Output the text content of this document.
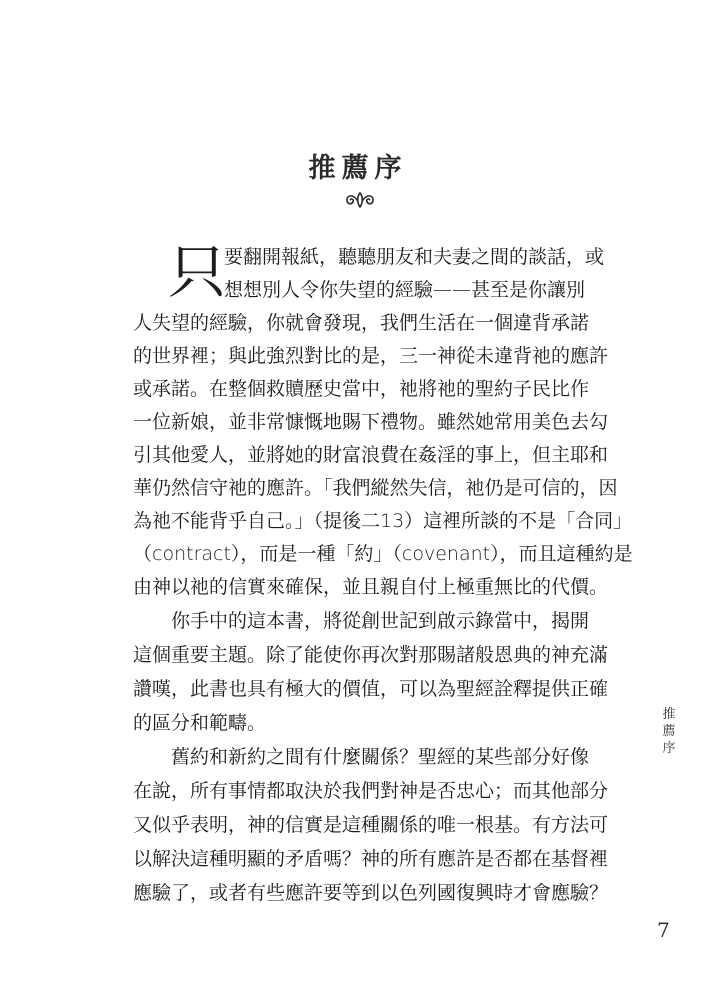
推薦序
只
要翻開報紙，聽聽朋友和夫妻之間的談話，或
想想別人令你失望的經驗——甚至是你讓別
人失望的經驗，你就會發現，我們生活在一個違背承諾
的世界裡；與此強烈對比的是，三一神從未違背祂的應許
或承諾。在整個救贖歷史當中，祂將祂的聖約子民比作
一位新娘，並非常慷慨地賜下禮物。雖然她常用美色去勾
引其他愛人，並將她的財富浪費在姦淫的事上，但主耶和
華仍然信守祂的應許。「我們縱然失信，祂仍是可信的，因
為祂不能背乎自己。」（提後二13）這裡所談的不是「合同」
（contract），而是一種「約」（covenant），而且這種約是
由神以祂的信實來確保，並且親自付上極重無比的代價。
　　你手中的這本書，將從創世記到啟示錄當中，揭開
這個重要主題。除了能使你再次對那賜諸般恩典的神充滿
讚嘆，此書也具有極大的價值，可以為聖經詮釋提供正確
的區分和範疇。
　　舊約和新約之間有什麼關係？聖經的某些部分好像
在說，所有事情都取決於我們對神是否忠心；而其他部分
又似乎表明，神的信實是這種關係的唯一根基。有方法可
以解決這種明顯的矛盾嗎？神的所有應許是否都在基督裡
應驗了，或者有些應許要等到以色列國復興時才會應驗？
推薦序
7
